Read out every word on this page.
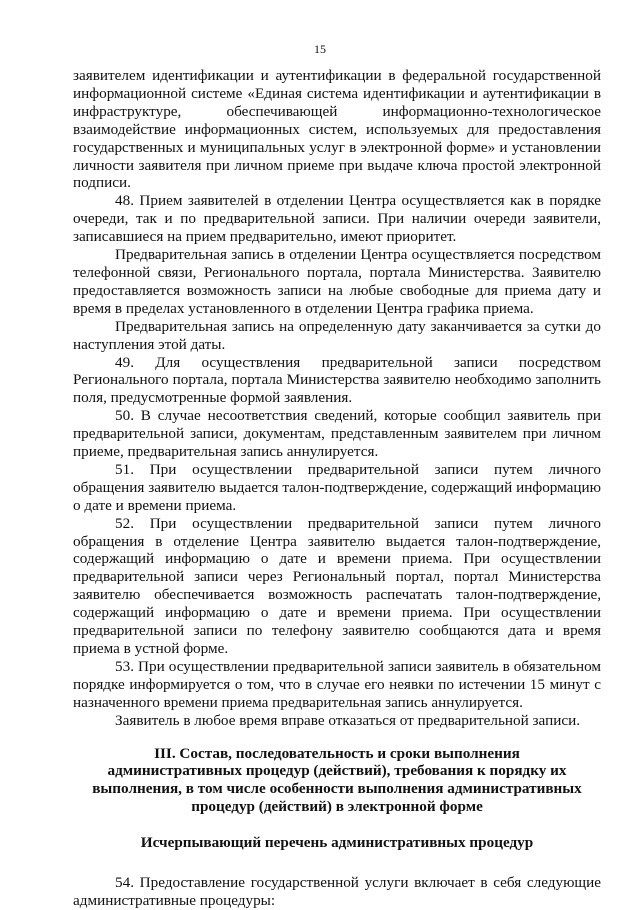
15

заявителем идентификации и аутентификации в федеральной государственной информационной системе «Единая система идентификации и аутентификации в инфраструктуре, обеспечивающей информационно-технологическое взаимодействие информационных систем, используемых для предоставления государственных и муниципальных услуг в электронной форме» и установлении личности заявителя при личном приеме при выдаче ключа простой электронной подписи.

48. Прием заявителей в отделении Центра осуществляется как в порядке очереди, так и по предварительной записи. При наличии очереди заявители, записавшиеся на прием предварительно, имеют приоритет.

Предварительная запись в отделении Центра осуществляется посредством телефонной связи, Регионального портала, портала Министерства. Заявителю предоставляется возможность записи на любые свободные для приема дату и время в пределах установленного в отделении Центра графика приема.

Предварительная запись на определенную дату заканчивается за сутки до наступления этой даты.

49. Для осуществления предварительной записи посредством Регионального портала, портала Министерства заявителю необходимо заполнить поля, предусмотренные формой заявления.

50. В случае несоответствия сведений, которые сообщил заявитель при предварительной записи, документам, представленным заявителем при личном приеме, предварительная запись аннулируется.

51. При осуществлении предварительной записи путем личного обращения заявителю выдается талон-подтверждение, содержащий информацию о дате и времени приема.

52. При осуществлении предварительной записи путем личного обращения в отделение Центра заявителю выдается талон-подтверждение, содержащий информацию о дате и времени приема. При осуществлении предварительной записи через Региональный портал, портал Министерства заявителю обеспечивается возможность распечатать талон-подтверждение, содержащий информацию о дате и времени приема. При осуществлении предварительной записи по телефону заявителю сообщаются дата и время приема в устной форме.

53. При осуществлении предварительной записи заявитель в обязательном порядке информируется о том, что в случае его неявки по истечении 15 минут с назначенного времени приема предварительная запись аннулируется.

Заявитель в любое время вправе отказаться от предварительной записи.

III. Состав, последовательность и сроки выполнения
административных процедур (действий), требования к порядку их
выполнения, в том числе особенности выполнения административных
процедур (действий) в электронной форме
Исчерпывающий перечень административных процедур

54. Предоставление государственной услуги включает в себя следующие административные процедуры:
